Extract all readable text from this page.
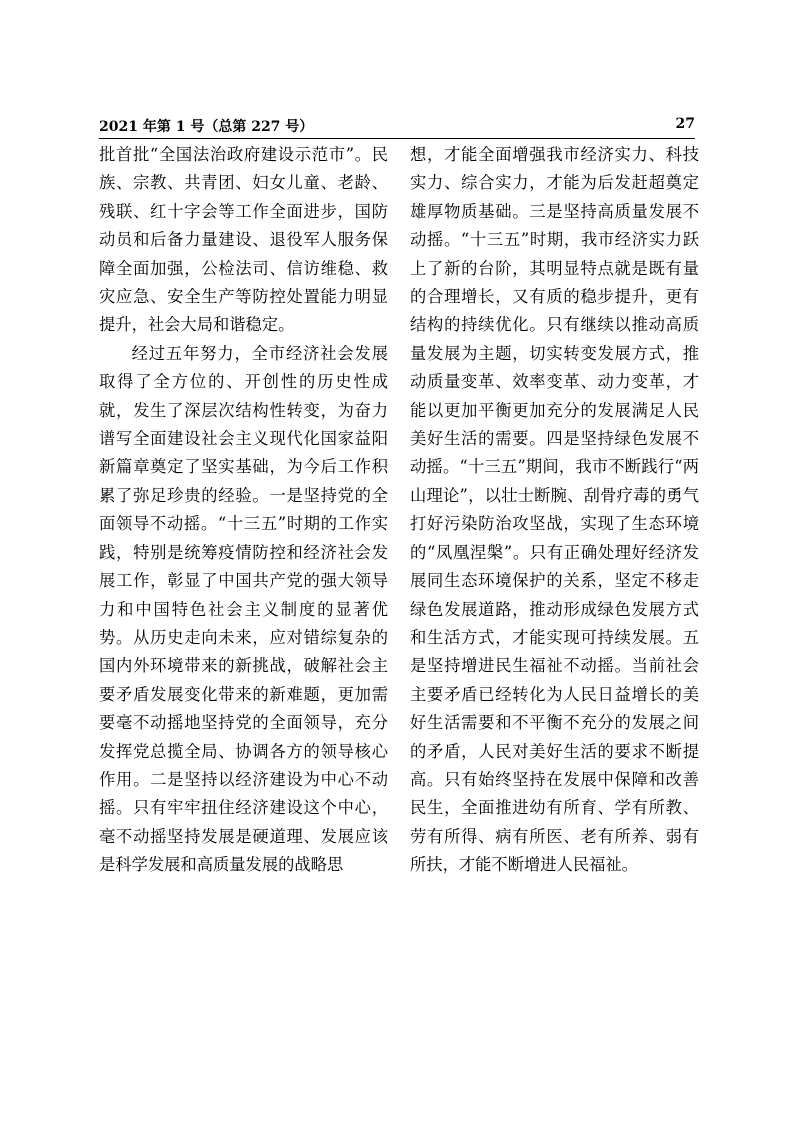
2021 年第 1 号（总第 227 号）	27

批首批“全国法治政府建设示范市”。民族、宗教、共青团、妇女儿童、老龄、残联、红十字会等工作全面进步，国防动员和后备力量建设、退役军人服务保障全面加强，公检法司、信访维稳、救灾应急、安全生产等防控处置能力明显提升，社会大局和谐稳定。

经过五年努力，全市经济社会发展取得了全方位的、开创性的历史性成就，发生了深层次结构性转变，为奋力谱写全面建设社会主义现代化国家益阳新篇章奠定了坚实基础，为今后工作积累了弥足珍贵的经验。一是坚持党的全面领导不动摇。“十三五”时期的工作实践，特别是统筹疫情防控和经济社会发展工作，彰显了中国共产党的强大领导力和中国特色社会主义制度的显著优势。从历史走向未来，应对错综复杂的国内外环境带来的新挑战，破解社会主要矛盾发展变化带来的新难题，更加需要毫不动摇地坚持党的全面领导，充分发挥党总揽全局、协调各方的领导核心作用。二是坚持以经济建设为中心不动摇。只有牢牢扭住经济建设这个中心，毫不动摇坚持发展是硬道理、发展应该是科学发展和高质量发展的战略思

想，才能全面增强我市经济实力、科技实力、综合实力，才能为后发赶超奠定雄厚物质基础。三是坚持高质量发展不动摇。“十三五”时期，我市经济实力跃上了新的台阶，其明显特点就是既有量的合理增长，又有质的稳步提升，更有结构的持续优化。只有继续以推动高质量发展为主题，切实转变发展方式，推动质量变革、效率变革、动力变革，才能以更加平衡更加充分的发展满足人民美好生活的需要。四是坚持绿色发展不动摇。“十三五”期间，我市不断践行“两山理论”，以壮士断腕、刮骨疗毒的勇气打好污染防治攻坚战，实现了生态环境的“凤凰涅槃”。只有正确处理好经济发展同生态环境保护的关系，坚定不移走绿色发展道路，推动形成绿色发展方式和生活方式，才能实现可持续发展。五是坚持增进民生福祉不动摇。当前社会主要矛盾已经转化为人民日益增长的美好生活需要和不平衡不充分的发展之间的矛盾，人民对美好生活的要求不断提高。只有始终坚持在发展中保障和改善民生，全面推进幼有所育、学有所教、劳有所得、病有所医、老有所养、弱有所扶，才能不断增进人民福祉。
